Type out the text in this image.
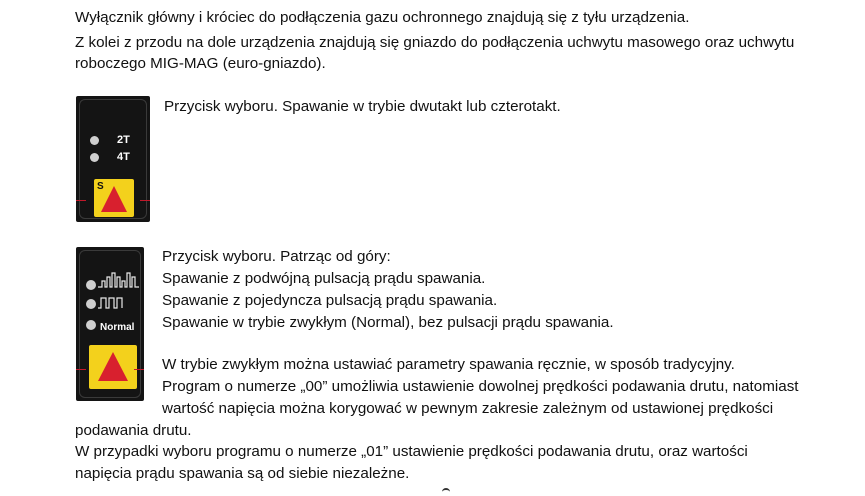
Wyłącznik główny i króciec do podłączenia gazu ochronnego znajdują się z tyłu urządzenia.
Z kolei z przodu na dole urządzenia znajdują się gniazdo do podłączenia uchwytu masowego oraz uchwytu
roboczego MIG-MAG (euro-gniazdo).
2T
4T
S
Przycisk wyboru. Spawanie w trybie dwutakt lub czterotakt.
Normal
Przycisk wyboru. Patrząc od góry:
Spawanie z podwójną pulsacją prądu spawania.
Spawanie z pojedyncza pulsacją prądu spawania.
Spawanie w trybie zwykłym (Normal), bez pulsacji prądu spawania.
W trybie zwykłym można ustawiać parametry spawania ręcznie, w sposób tradycyjny.
Program o numerze „00” umożliwia ustawienie dowolnej prędkości podawania drutu, natomiast
wartość napięcia można korygować w pewnym zakresie zależnym od ustawionej prędkości
podawania drutu.
W przypadki wyboru programu o numerze „01” ustawienie prędkości podawania drutu, oraz wartości
napięcia prądu spawania są od siebie niezależne.
